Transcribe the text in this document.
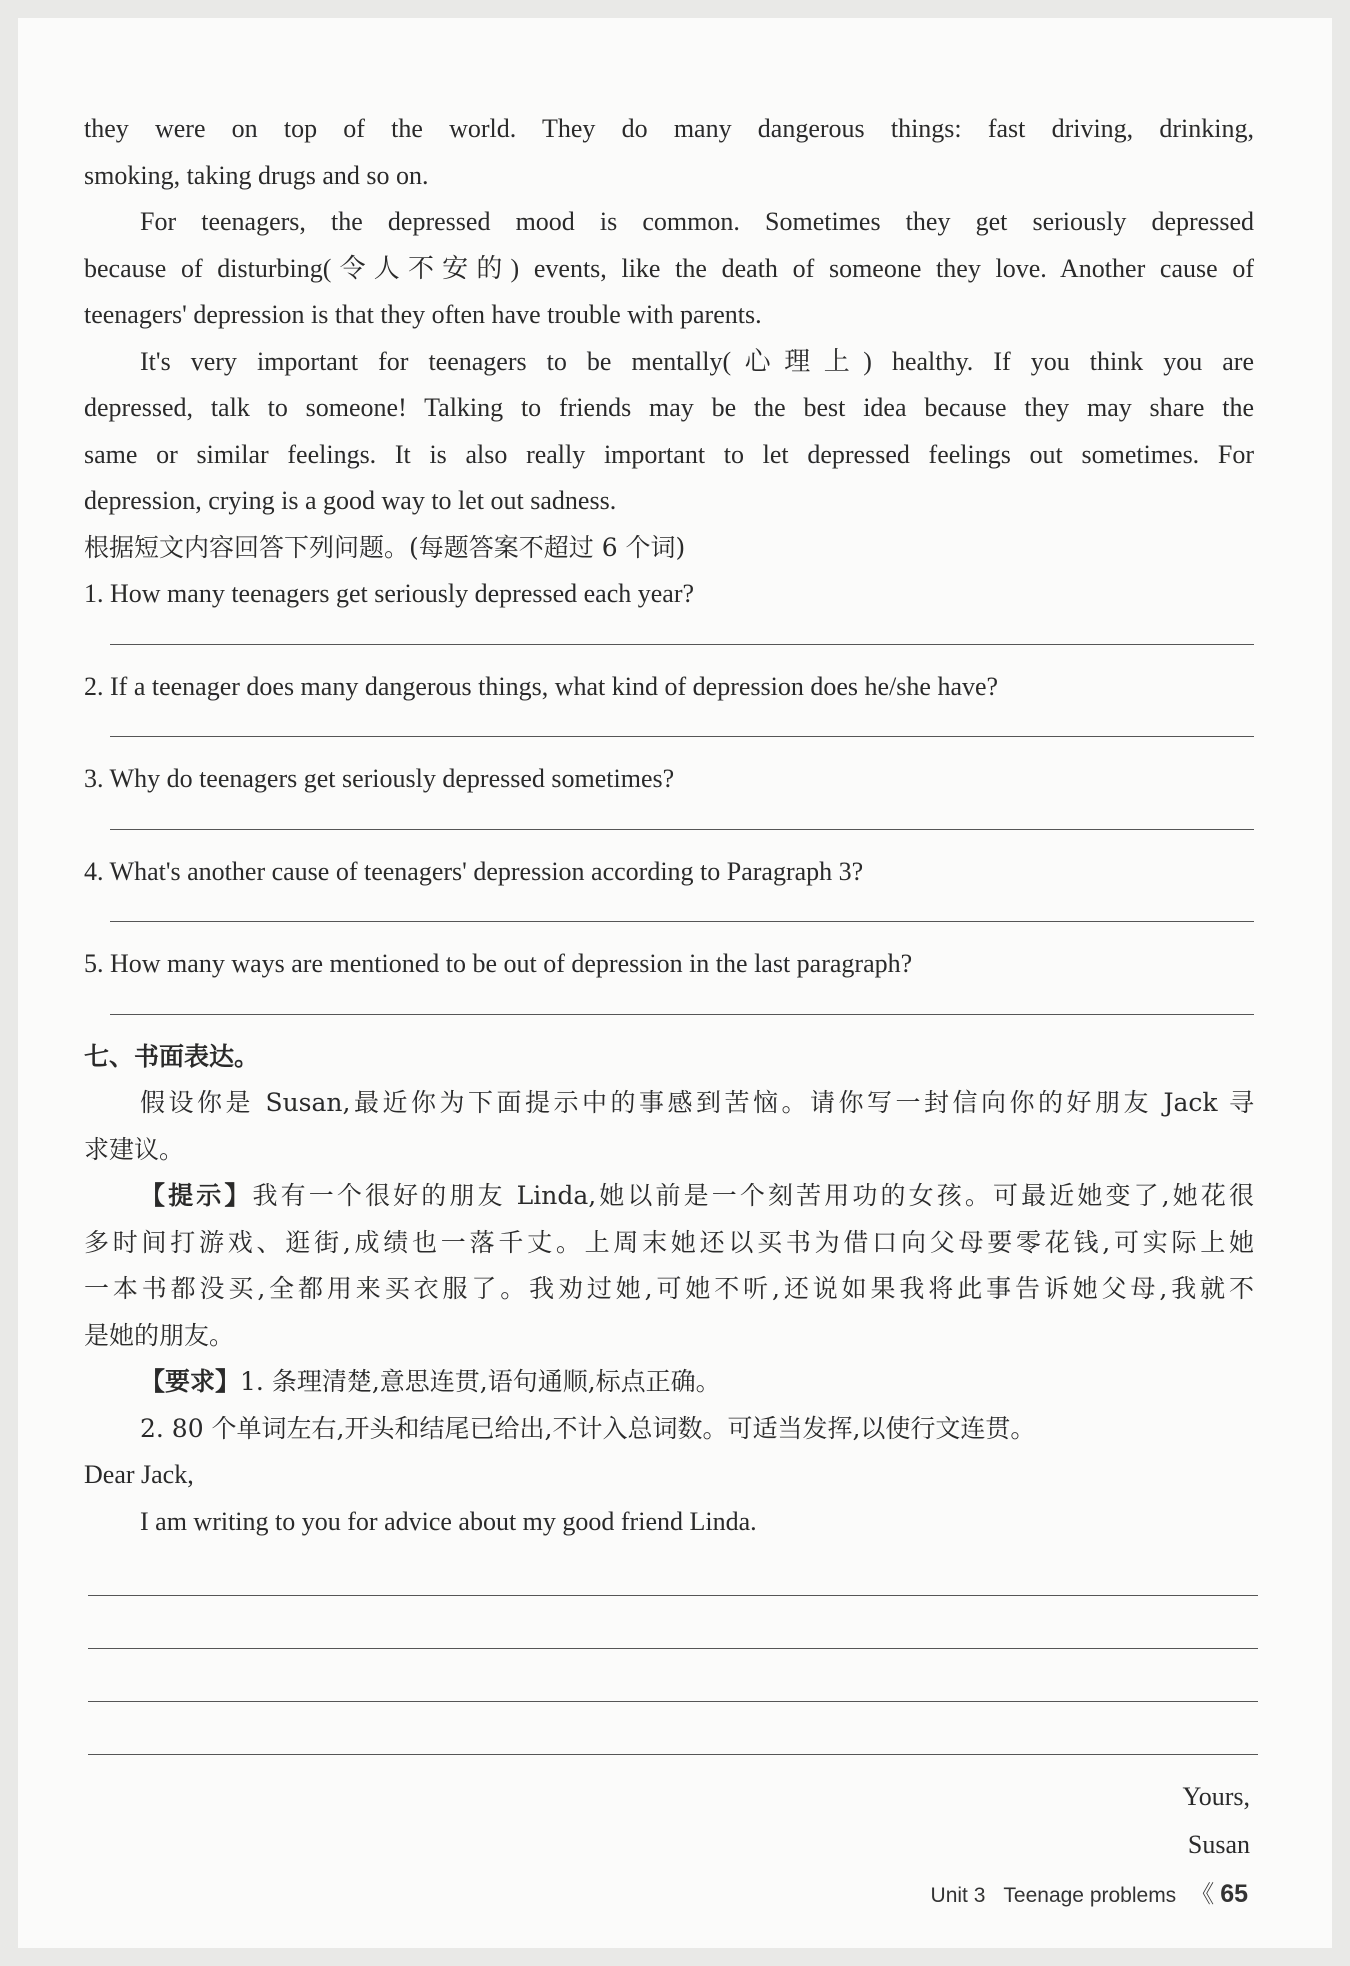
they were on top of the world. They do many dangerous things: fast driving, drinking,
smoking, taking drugs and so on.
For teenagers, the depressed mood is common. Sometimes they get seriously depressed
because of disturbing(令人不安的) events, like the death of someone they love. Another cause of
teenagers' depression is that they often have trouble with parents.
It's very important for teenagers to be mentally(心理上) healthy. If you think you are
depressed, talk to someone! Talking to friends may be the best idea because they may share the
same or similar feelings. It is also really important to let depressed feelings out sometimes. For
depression, crying is a good way to let out sadness.
根据短文内容回答下列问题。(每题答案不超过 6 个词)
1. How many teenagers get seriously depressed each year?
2. If a teenager does many dangerous things, what kind of depression does he/she have?
3. Why do teenagers get seriously depressed sometimes?
4. What's another cause of teenagers' depression according to Paragraph 3?
5. How many ways are mentioned to be out of depression in the last paragraph?
七、书面表达。
假设你是 Susan,最近你为下面提示中的事感到苦恼。请你写一封信向你的好朋友 Jack 寻
求建议。
【提示】我有一个很好的朋友 Linda,她以前是一个刻苦用功的女孩。可最近她变了,她花很
多时间打游戏、逛街,成绩也一落千丈。上周末她还以买书为借口向父母要零花钱,可实际上她
一本书都没买,全都用来买衣服了。我劝过她,可她不听,还说如果我将此事告诉她父母,我就不
是她的朋友。
【要求】1. 条理清楚,意思连贯,语句通顺,标点正确。
2. 80 个单词左右,开头和结尾已给出,不计入总词数。可适当发挥,以使行文连贯。
Dear Jack,
I am writing to you for advice about my good friend Linda.
Yours,
Susan
Unit 3 Teenage problems 《 65
